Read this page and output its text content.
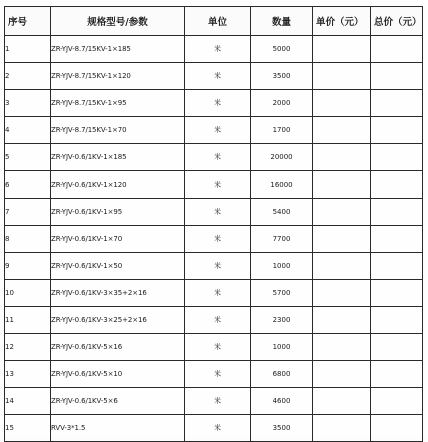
序号	规格型号/参数	单位	数量	单价（元）	总价（元）
1	ZR-YJV-8.7/15KV-1×185	米	5000		
2	ZR-YJV-8.7/15KV-1×120	米	3500		
3	ZR-YJV-8.7/15KV-1×95	米	2000		
4	ZR-YJV-8.7/15KV-1×70	米	1700		
5	ZR-YJV-0.6/1KV-1×185	米	20000		
6	ZR-YJV-0.6/1KV-1×120	米	16000		
7	ZR-YJV-0.6/1KV-1×95	米	5400		
8	ZR-YJV-0.6/1KV-1×70	米	7700		
9	ZR-YJV-0.6/1KV-1×50	米	1000		
10	ZR-YJV-0.6/1KV-3×35+2×16	米	5700		
11	ZR-YJV-0.6/1KV-3×25+2×16	米	2300		
12	ZR-YJV-0.6/1KV-5×16	米	1000		
13	ZR-YJV-0.6/1KV-5×10	米	6800		
14	ZR-YJV-0.6/1KV-5×6	米	4600		
15	RVV-3*1.5	米	3500		
